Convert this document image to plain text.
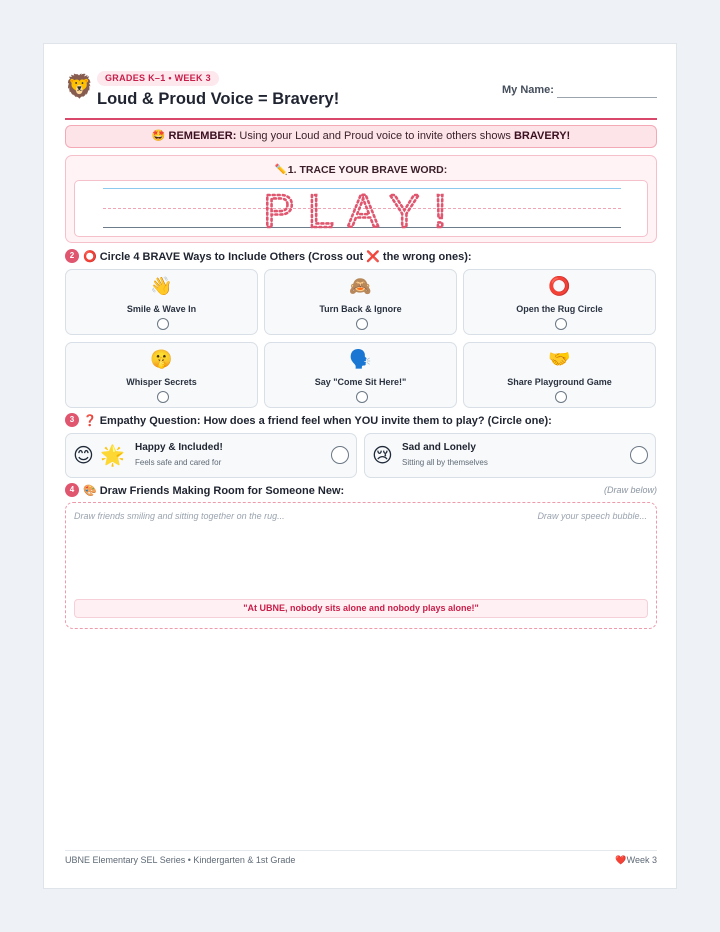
🦁	GRADES K–1 • WEEK 3
Loud & Proud Voice = Bravery!	My Name:
🤩 REMEMBER: Using your Loud and Proud voice to invite others shows BRAVERY!
✏️1. TRACE YOUR BRAVE WORD:
PLAY!
2 ⭕ Circle 4 BRAVE Ways to Include Others (Cross out ❌ the wrong ones):
👋
Smile & Wave In
🙈
Turn Back & Ignore
⭕
Open the Rug Circle
🤫
Whisper Secrets
🗣️
Say "Come Sit Here!"
🤝
Share Playground Game
3 ❓ Empathy Question: How does a friend feel when YOU invite them to play? (Circle one):
😊 🌟 Happy & Included!
Feels safe and cared for	😢 Sad and Lonely
Sitting all by themselves
4 🎨 Draw Friends Making Room for Someone New:	(Draw below)
Draw friends smiling and sitting together on the rug...	Draw your speech bubble...
"At UBNE, nobody sits alone and nobody plays alone!"
UBNE Elementary SEL Series • Kindergarten & 1st Grade	❤️Week 3
